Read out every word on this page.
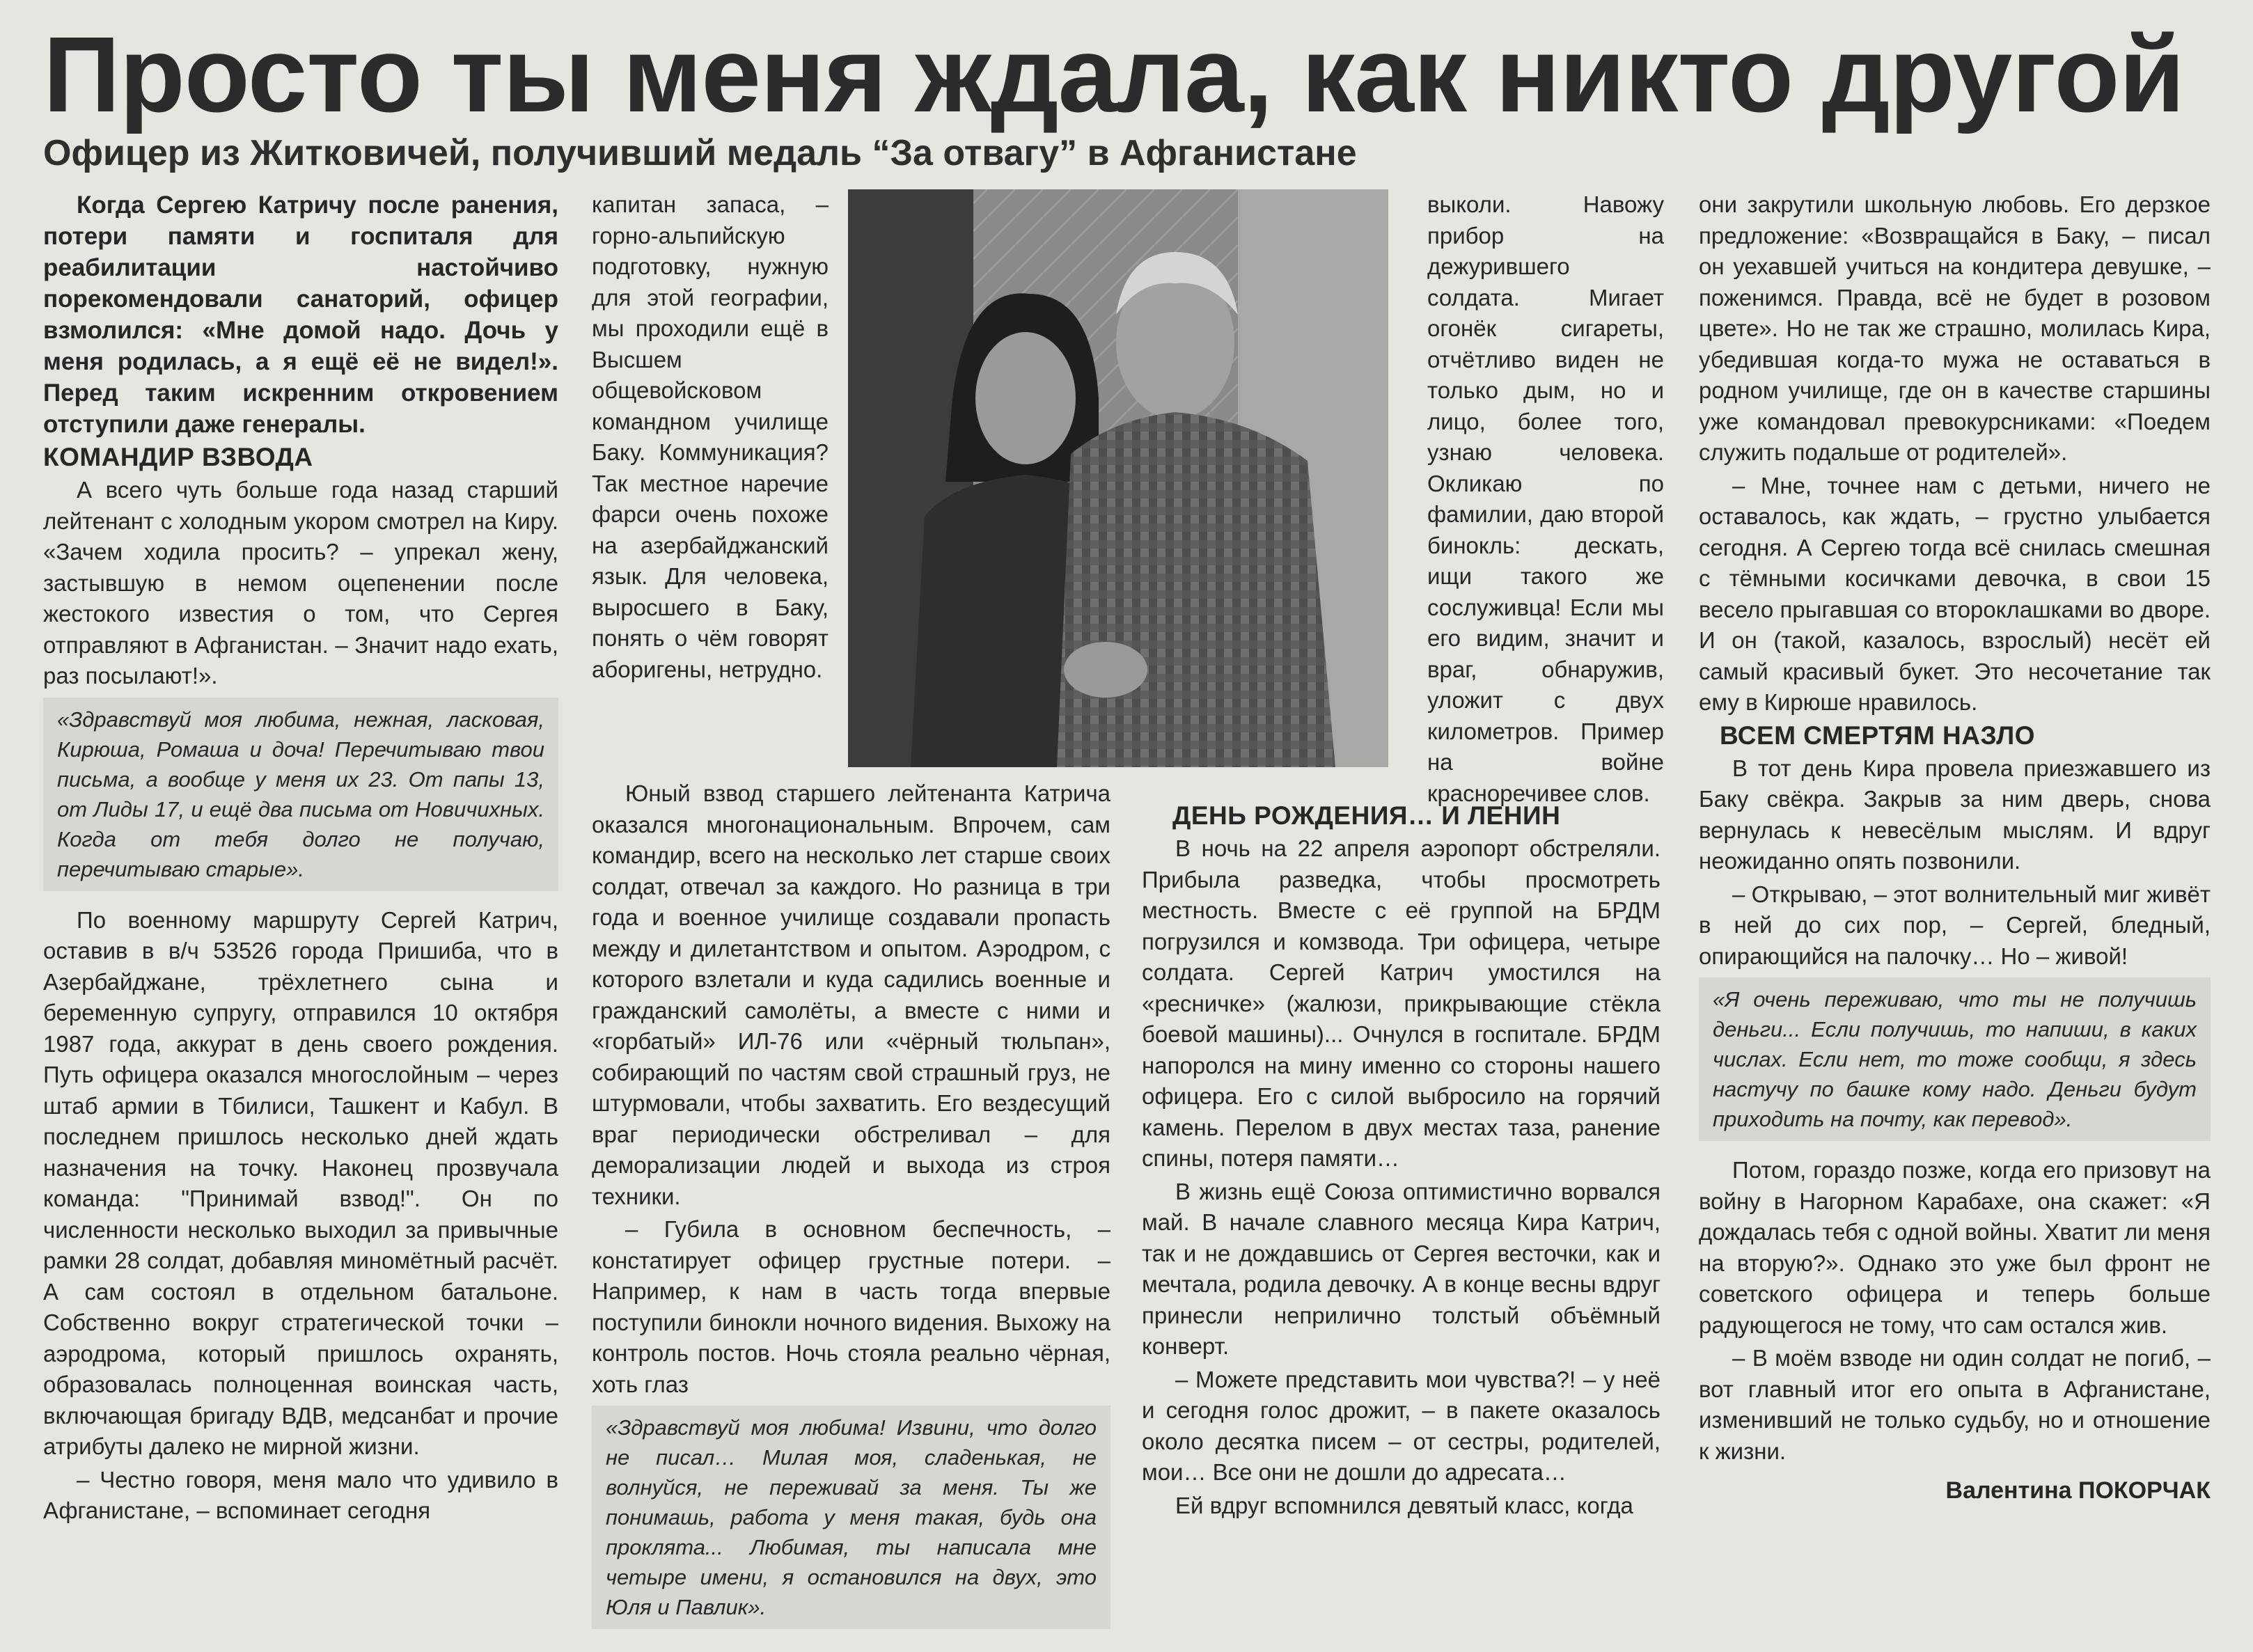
Просто ты меня ждала, как никто другой
Офицер из Житковичей, получивший медаль “За отвагу” в Афганистане

Когда Сергею Катричу после ранения, потери памяти и госпиталя для реабилитации настойчиво порекомендовали санаторий, офицер взмолился: «Мне домой надо. Дочь у меня родилась, а я ещё её не видел!». Перед таким искренним откровением отступили даже генералы.

КОМАНДИР ВЗВОДА

А всего чуть больше года назад старший лейтенант с холодным укором смотрел на Киру. «Зачем ходила просить? – упрекал жену, застывшую в немом оцепенении после жестокого известия о том, что Сергея отправляют в Афганистан. – Значит надо ехать, раз посылают!».

«Здравствуй моя любима, нежная, ласковая, Кирюша, Ромаша и доча! Перечитываю твои письма, а вообще у меня их 23. От папы 13, от Лиды 17, и ещё два письма от Новичихных. Когда от тебя долго не получаю, перечитываю старые».

По военному маршруту Сергей Катрич, оставив в в/ч 53526 города Пришиба, что в Азербайджане, трёхлетнего сына и беременную супругу, отправился 10 октября 1987 года, аккурат в день своего рождения. Путь офицера оказался многослойным – через штаб армии в Тбилиси, Ташкент и Кабул. В последнем пришлось несколько дней ждать назначения на точку. Наконец прозвучала команда: "Принимай взвод!". Он по численности несколько выходил за привычные рамки 28 солдат, добавляя миномётный расчёт. А сам состоял в отдельном батальоне. Собственно вокруг стратегической точки – аэродрома, который пришлось охранять, образовалась полноценная воинская часть, включающая бригаду ВДВ, медсанбат и прочие атрибуты далеко не мирной жизни.

– Честно говоря, меня мало что удивило в Афганистане, – вспоминает сегодня

капитан запаса, – горно-альпийскую подготовку, нужную для этой географии, мы проходили ещё в Высшем общевойсковом командном училище Баку. Коммуникация? Так местное наречие фарси очень похоже на азербайджанский язык. Для человека, выросшего в Баку, понять о чём говорят аборигены, нетрудно.

Юный взвод старшего лейтенанта Катрича оказался многонациональным. Впрочем, сам командир, всего на несколько лет старше своих солдат, отвечал за каждого. Но разница в три года и военное училище создавали пропасть между и дилетантством и опытом. Аэродром, с которого взлетали и куда садились военные и гражданский самолёты, а вместе с ними и «горбатый» ИЛ-76 или «чёрный тюльпан», собирающий по частям свой страшный груз, не штурмовали, чтобы захватить. Его вездесущий враг периодически обстреливал – для деморализации людей и выхода из строя техники.

– Губила в основном беспечность, – констатирует офицер грустные потери. – Например, к нам в часть тогда впервые поступили бинокли ночного видения. Выхожу на контроль постов. Ночь стояла реально чёрная, хоть глаз

«Здравствуй моя любима! Извини, что долго не писал… Милая моя, сладенькая, не волнуйся, не переживай за меня. Ты же понимашь, работа у меня такая, будь она проклята... Любимая, ты написала мне четыре имени, я остановился на двух, это Юля и Павлик».

выколи. Навожу прибор на дежурившего солдата. Мигает огонёк сигареты, отчётливо виден не только дым, но и лицо, более того, узнаю человека. Окликаю по фамилии, даю второй бинокль: дескать, ищи такого же сослуживца! Если мы его видим, значит и враг, обнаружив, уложит с двух километров. Пример на войне красноречивее слов.

ДЕНЬ РОЖДЕНИЯ… И ЛЕНИН

В ночь на 22 апреля аэропорт обстреляли. Прибыла разведка, чтобы просмотреть местность. Вместе с её группой на БРДМ погрузился и комзвода. Три офицера, четыре солдата. Сергей Катрич умостился на «ресничке» (жалюзи, прикрывающие стёкла боевой машины)... Очнулся в госпитале. БРДМ напоролся на мину именно со стороны нашего офицера. Его с силой выбросило на горячий камень. Перелом в двух местах таза, ранение спины, потеря памяти…

В жизнь ещё Союза оптимистично ворвался май. В начале славного месяца Кира Катрич, так и не дождавшись от Сергея весточки, как и мечтала, родила девочку. А в конце весны вдруг принесли неприлично толстый объёмный конверт.

– Можете представить мои чувства?! – у неё и сегодня голос дрожит, – в пакете оказалось около десятка писем – от сестры, родителей, мои… Все они не дошли до адресата…

Ей вдруг вспомнился девятый класс, когда

они закрутили школьную любовь. Его дерзкое предложение: «Возвращайся в Баку, – писал он уехавшей учиться на кондитера девушке, – поженимся. Правда, всё не будет в розовом цвете». Но не так же страшно, молилась Кира, убедившая когда-то мужа не оставаться в родном училище, где он в качестве старшины уже командовал превокурсниками: «Поедем служить подальше от родителей».

– Мне, точнее нам с детьми, ничего не оставалось, как ждать, – грустно улыбается сегодня. А Сергею тогда всё снилась смешная с тёмными косичками девочка, в свои 15 весело прыгавшая со второклашками во дворе. И он (такой, казалось, взрослый) несёт ей самый красивый букет. Это несочетание так ему в Кирюше нравилось.

ВСЕМ СМЕРТЯМ НАЗЛО

В тот день Кира провела приезжавшего из Баку свёкра. Закрыв за ним дверь, снова вернулась к невесёлым мыслям. И вдруг неожиданно опять позвонили.

– Открываю, – этот волнительный миг живёт в ней до сих пор, – Сергей, бледный, опирающийся на палочку… Но – живой!

«Я очень переживаю, что ты не получишь деньги... Если получишь, то напиши, в каких числах. Если нет, то тоже сообщи, я здесь настучу по башке кому надо. Деньги будут приходить на почту, как перевод».

Потом, гораздо позже, когда его призовут на войну в Нагорном Карабахе, она скажет: «Я дождалась тебя с одной войны. Хватит ли меня на вторую?». Однако это уже был фронт не советского офицера и теперь больше радующегося не тому, что сам остался жив.

– В моём взводе ни один солдат не погиб, – вот главный итог его опыта в Афганистане, изменивший не только судьбу, но и отношение к жизни.

Валентина ПОКОРЧАК
